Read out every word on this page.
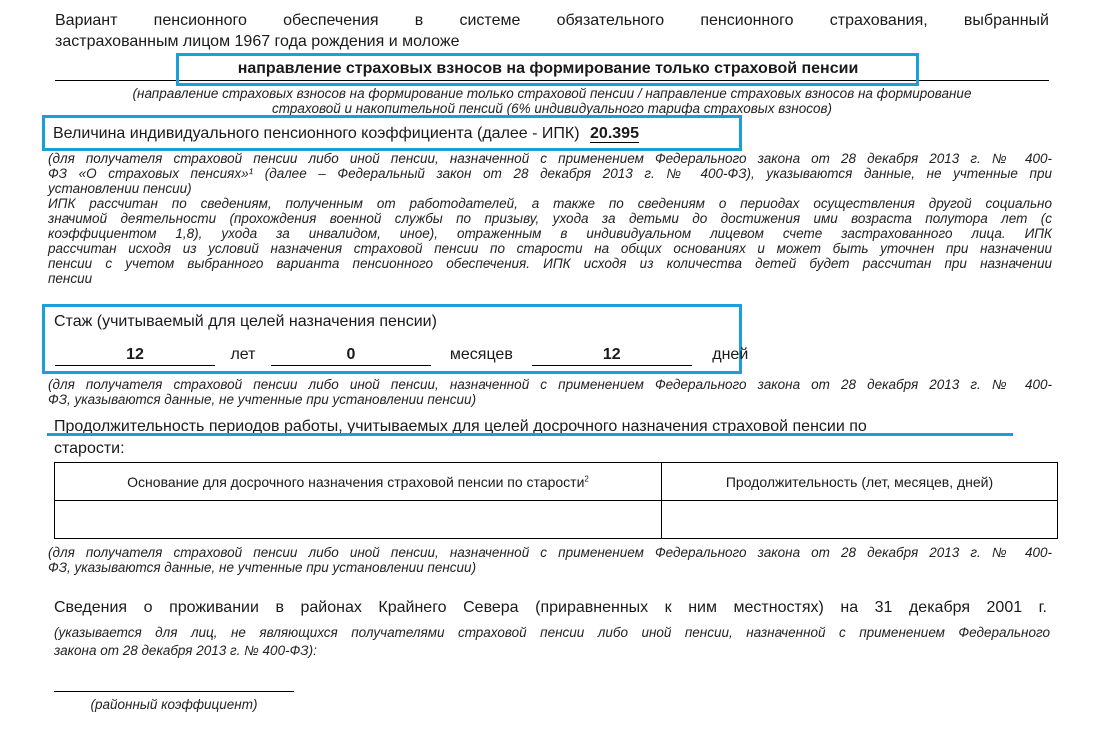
Вариант пенсионного обеспечения в системе обязательного пенсионного страхования, выбранный
застрахованным лицом 1967 года рождения и моложе
направление страховых взносов на формирование только страховой пенсии
(направление страховых взносов на формирование только страховой пенсии / направление страховых взносов на формирование
страховой и накопительной пенсий (6% индивидуального тарифа страховых взносов)
Величина индивидуального пенсионного коэффициента (далее - ИПК) 20.395
(для получателя страховой пенсии либо иной пенсии, назначенной с применением Федерального закона от 28 декабря 2013 г. № 400-
ФЗ «О страховых пенсиях»¹ (далее – Федеральный закон от 28 декабря 2013 г. № 400-ФЗ), указываются данные, не учтенные при
установлении пенсии)
ИПК рассчитан по сведениям, полученным от работодателей, а также по сведениям о периодах осуществления другой социально
значимой деятельности (прохождения военной службы по призыву, ухода за детьми до достижения ими возраста полутора лет (с
коэффициентом 1,8), ухода за инвалидом, иное), отраженным в индивидуальном лицевом счете застрахованного лица. ИПК
рассчитан исходя из условий назначения страховой пенсии по старости на общих основаниях и может быть уточнен при назначении
пенсии с учетом выбранного варианта пенсионного обеспечения. ИПК исходя из количества детей будет рассчитан при назначении
пенсии
Стаж (учитываемый для целей назначения пенсии)
12	лет	0	месяцев	12	дней
(для получателя страховой пенсии либо иной пенсии, назначенной с применением Федерального закона от 28 декабря 2013 г. № 400-
ФЗ, указываются данные, не учтенные при установлении пенсии)
Продолжительность периодов работы, учитываемых для целей досрочного назначения страховой пенсии по
старости:
Основание для досрочного назначения страховой пенсии по старости$^2$	Продолжительность (лет, месяцев, дней)

(для получателя страховой пенсии либо иной пенсии, назначенной с применением Федерального закона от 28 декабря 2013 г. № 400-
ФЗ, указываются данные, не учтенные при установлении пенсии)
Сведения о проживании в районах Крайнего Севера (приравненных к ним местностях) на 31 декабря 2001 г.
(указывается для лиц, не являющихся получателями страховой пенсии либо иной пенсии, назначенной с применением Федерального
закона от 28 декабря 2013 г. № 400-ФЗ):
(районный коэффициент)
